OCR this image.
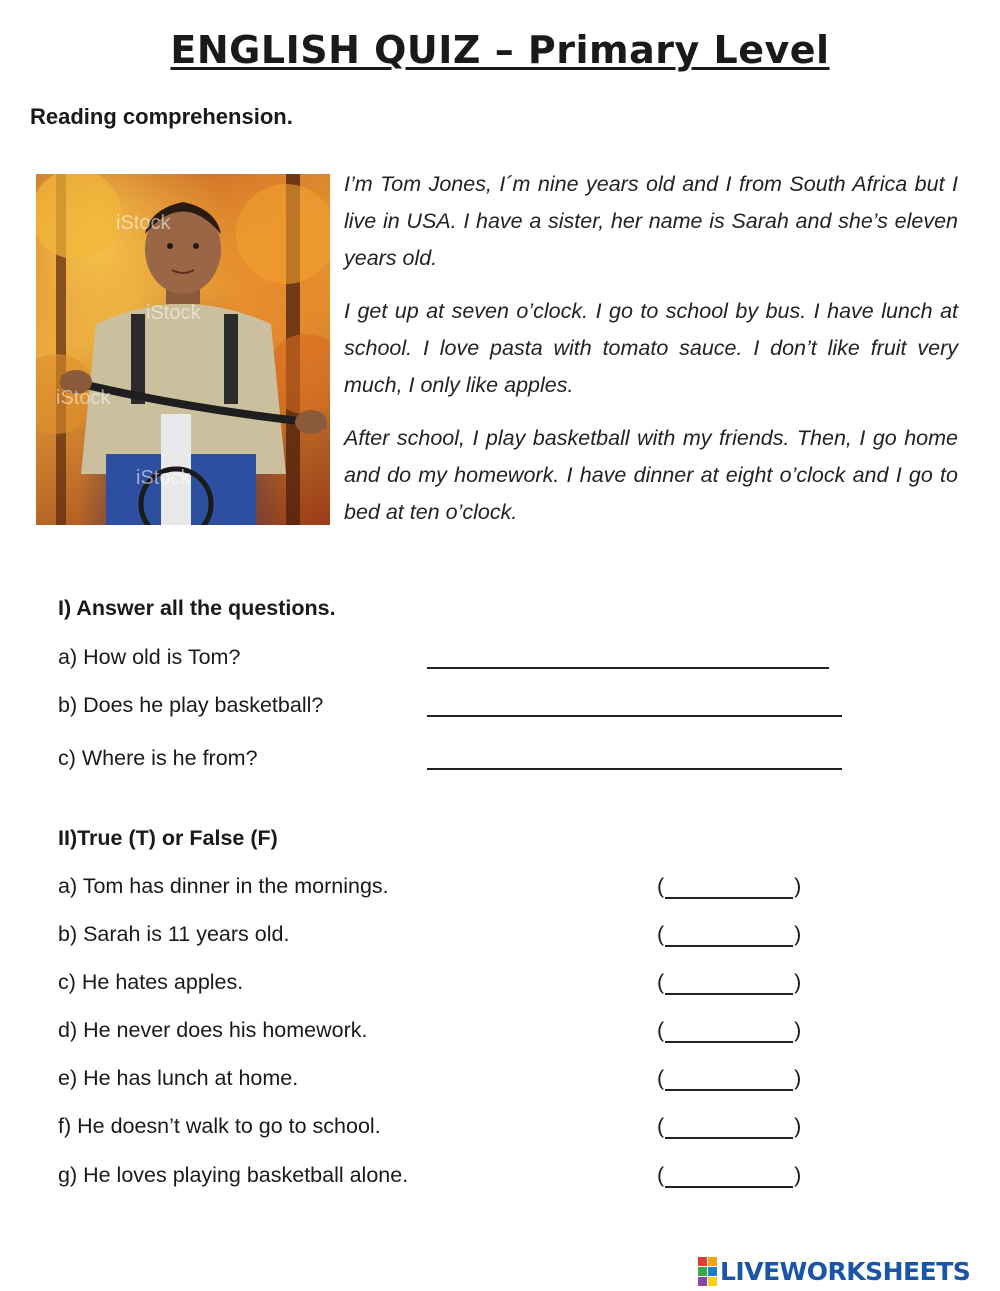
ENGLISH QUIZ – Primary Level
Reading comprehension.
iStock
iStock
iStock
iStock

I’m Tom Jones, I´m nine years old and I from South Africa but I live in USA. I have a sister, her name is Sarah and she’s eleven years old.

I get up at seven o’clock. I go to school by bus. I have lunch at school. I love pasta with tomato sauce. I don’t like fruit very much, I only like apples.

After school, I play basketball with my friends. Then, I go home and do my homework. I have dinner at eight o’clock and I go to bed at ten o’clock.

I) Answer all the questions.
a) How old is Tom?
b) Does he play basketball?
c) Where is he from?
II)True (T) or False (F)
a) Tom has dinner in the mornings.	(	)
b) Sarah is 11 years old.	(	)
c) He hates apples.	(	)
d) He never does his homework.	(	)
e) He has lunch at home.	(	)
f) He doesn’t walk to go to school.	(	)
g) He loves playing basketball alone.	(	)
LIVEWORKSHEETS
